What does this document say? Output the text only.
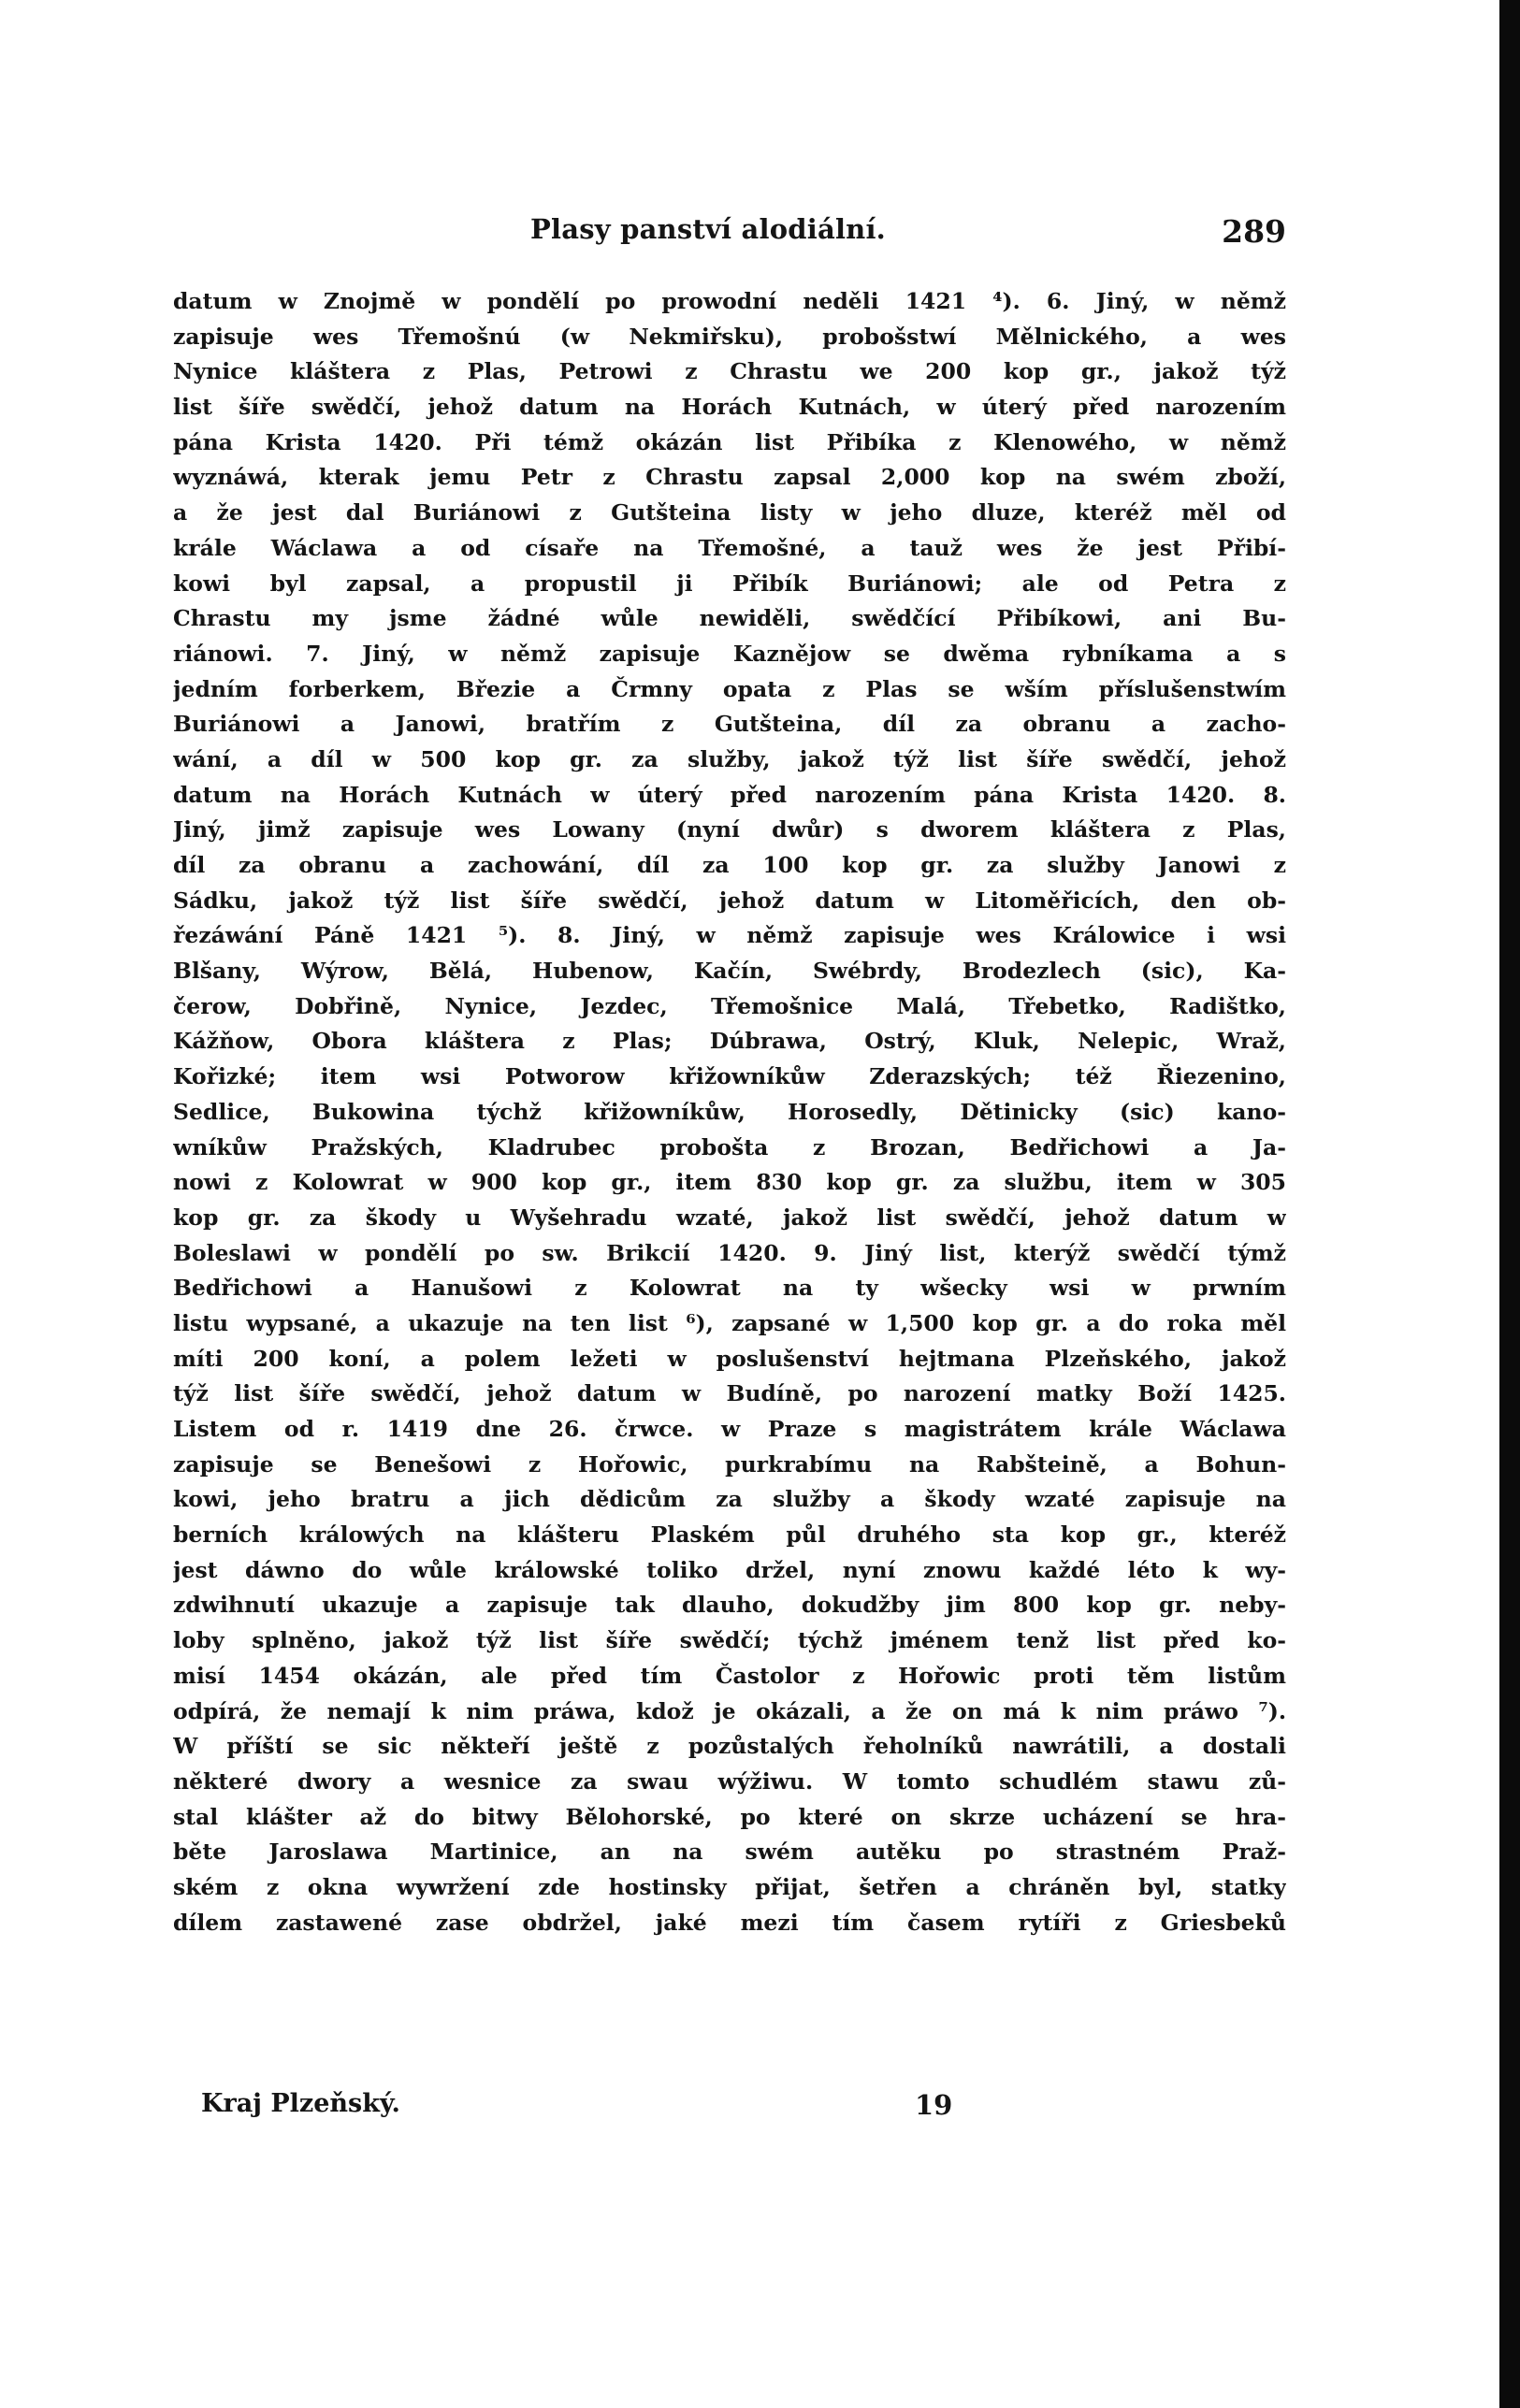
Plasy panství alodiální.	289
datum w Znojmě w pondělí po prowodní neděli 1421 ⁴). 6. Jiný, w němž
zapisuje wes Třemošnú (w Nekmiřsku), probošstwí Mělnického, a wes
Nynice kláštera z Plas, Petrowi z Chrastu we 200 kop gr., jakož týž
list šíře swědčí, jehož datum na Horách Kutnách, w úterý před narozením
pána Krista 1420. Při témž okázán list Přibíka z Klenowého, w němž
wyznáwá, kterak jemu Petr z Chrastu zapsal 2,000 kop na swém zboží,
a že jest dal Buriánowi z Gutšteina listy w jeho dluze, kteréž měl od
krále Wáclawa a od císaře na Třemošné, a tauž wes že jest Přibí-
kowi byl zapsal, a propustil ji Přibík Buriánowi; ale od Petra z
Chrastu my jsme žádné wůle newiděli, swědčící Přibíkowi, ani Bu-
riánowi. 7. Jiný, w němž zapisuje Kaznějow se dwěma rybníkama a s
jedním forberkem, Březie a Črmny opata z Plas se wším příslušenstwím
Buriánowi a Janowi, bratřím z Gutšteina, díl za obranu a zacho-
wání, a díl w 500 kop gr. za služby, jakož týž list šíře swědčí, jehož
datum na Horách Kutnách w úterý před narozením pána Krista 1420. 8.
Jiný, jimž zapisuje wes Lowany (nyní dwůr) s dworem kláštera z Plas,
díl za obranu a zachowání, díl za 100 kop gr. za služby Janowi z
Sádku, jakož týž list šíře swědčí, jehož datum w Litoměřicích, den ob-
řezáwání Páně 1421 ⁵). 8. Jiný, w němž zapisuje wes Králowice i wsi
Blšany, Wýrow, Bělá, Hubenow, Kačín, Swébrdy, Brodezlech (sic), Ka-
čerow, Dobřině, Nynice, Jezdec, Třemošnice Malá, Třebetko, Radištko,
Kážňow, Obora kláštera z Plas; Dúbrawa, Ostrý, Kluk, Nelepic, Wraž,
Kořizké; item wsi Potworow křižowníkůw Zderazských; též Řiezenino,
Sedlice, Bukowina týchž křižowníkůw, Horosedly, Dětinicky (sic) kano-
wníkůw Pražských, Kladrubec probošta z Brozan, Bedřichowi a Ja-
nowi z Kolowrat w 900 kop gr., item 830 kop gr. za službu, item w 305
kop gr. za škody u Wyšehradu wzaté, jakož list swědčí, jehož datum w
Boleslawi w pondělí po sw. Brikcií 1420. 9. Jiný list, kterýž swědčí týmž
Bedřichowi a Hanušowi z Kolowrat na ty wšecky wsi w prwním
listu wypsané, a ukazuje na ten list ⁶), zapsané w 1,500 kop gr. a do roka měl
míti 200 koní, a polem ležeti w poslušenství hejtmana Plzeňského, jakož
týž list šíře swědčí, jehož datum w Budíně, po narození matky Boží 1425.
Listem od r. 1419 dne 26. črwce. w Praze s magistrátem krále Wáclawa
zapisuje se Benešowi z Hořowic, purkrabímu na Rabšteině, a Bohun-
kowi, jeho bratru a jich dědicům za služby a škody wzaté zapisuje na
berních králowých na klášteru Plaském půl druhého sta kop gr., kteréž
jest dáwno do wůle králowské toliko držel, nyní znowu každé léto k wy-
zdwihnutí ukazuje a zapisuje tak dlauho, dokudžby jim 800 kop gr. neby-
loby splněno, jakož týž list šíře swědčí; týchž jménem tenž list před ko-
misí 1454 okázán, ale před tím Častolor z Hořowic proti těm listům
odpírá, že nemají k nim práwa, kdož je okázali, a že on má k nim práwo ⁷).
W příští se sic někteří ještě z pozůstalých řeholníků nawrátili, a dostali
některé dwory a wesnice za swau wýžiwu. W tomto schudlém stawu zů-
stal klášter až do bitwy Bělohorské, po které on skrze ucházení se hra-
běte Jaroslawa Martinice, an na swém autěku po strastném Praž-
ském z okna wywržení zde hostinsky přijat, šetřen a chráněn byl, statky
dílem zastawené zase obdržel, jaké mezi tím časem rytíři z Griesbeků
Kraj Plzeňský.	19
